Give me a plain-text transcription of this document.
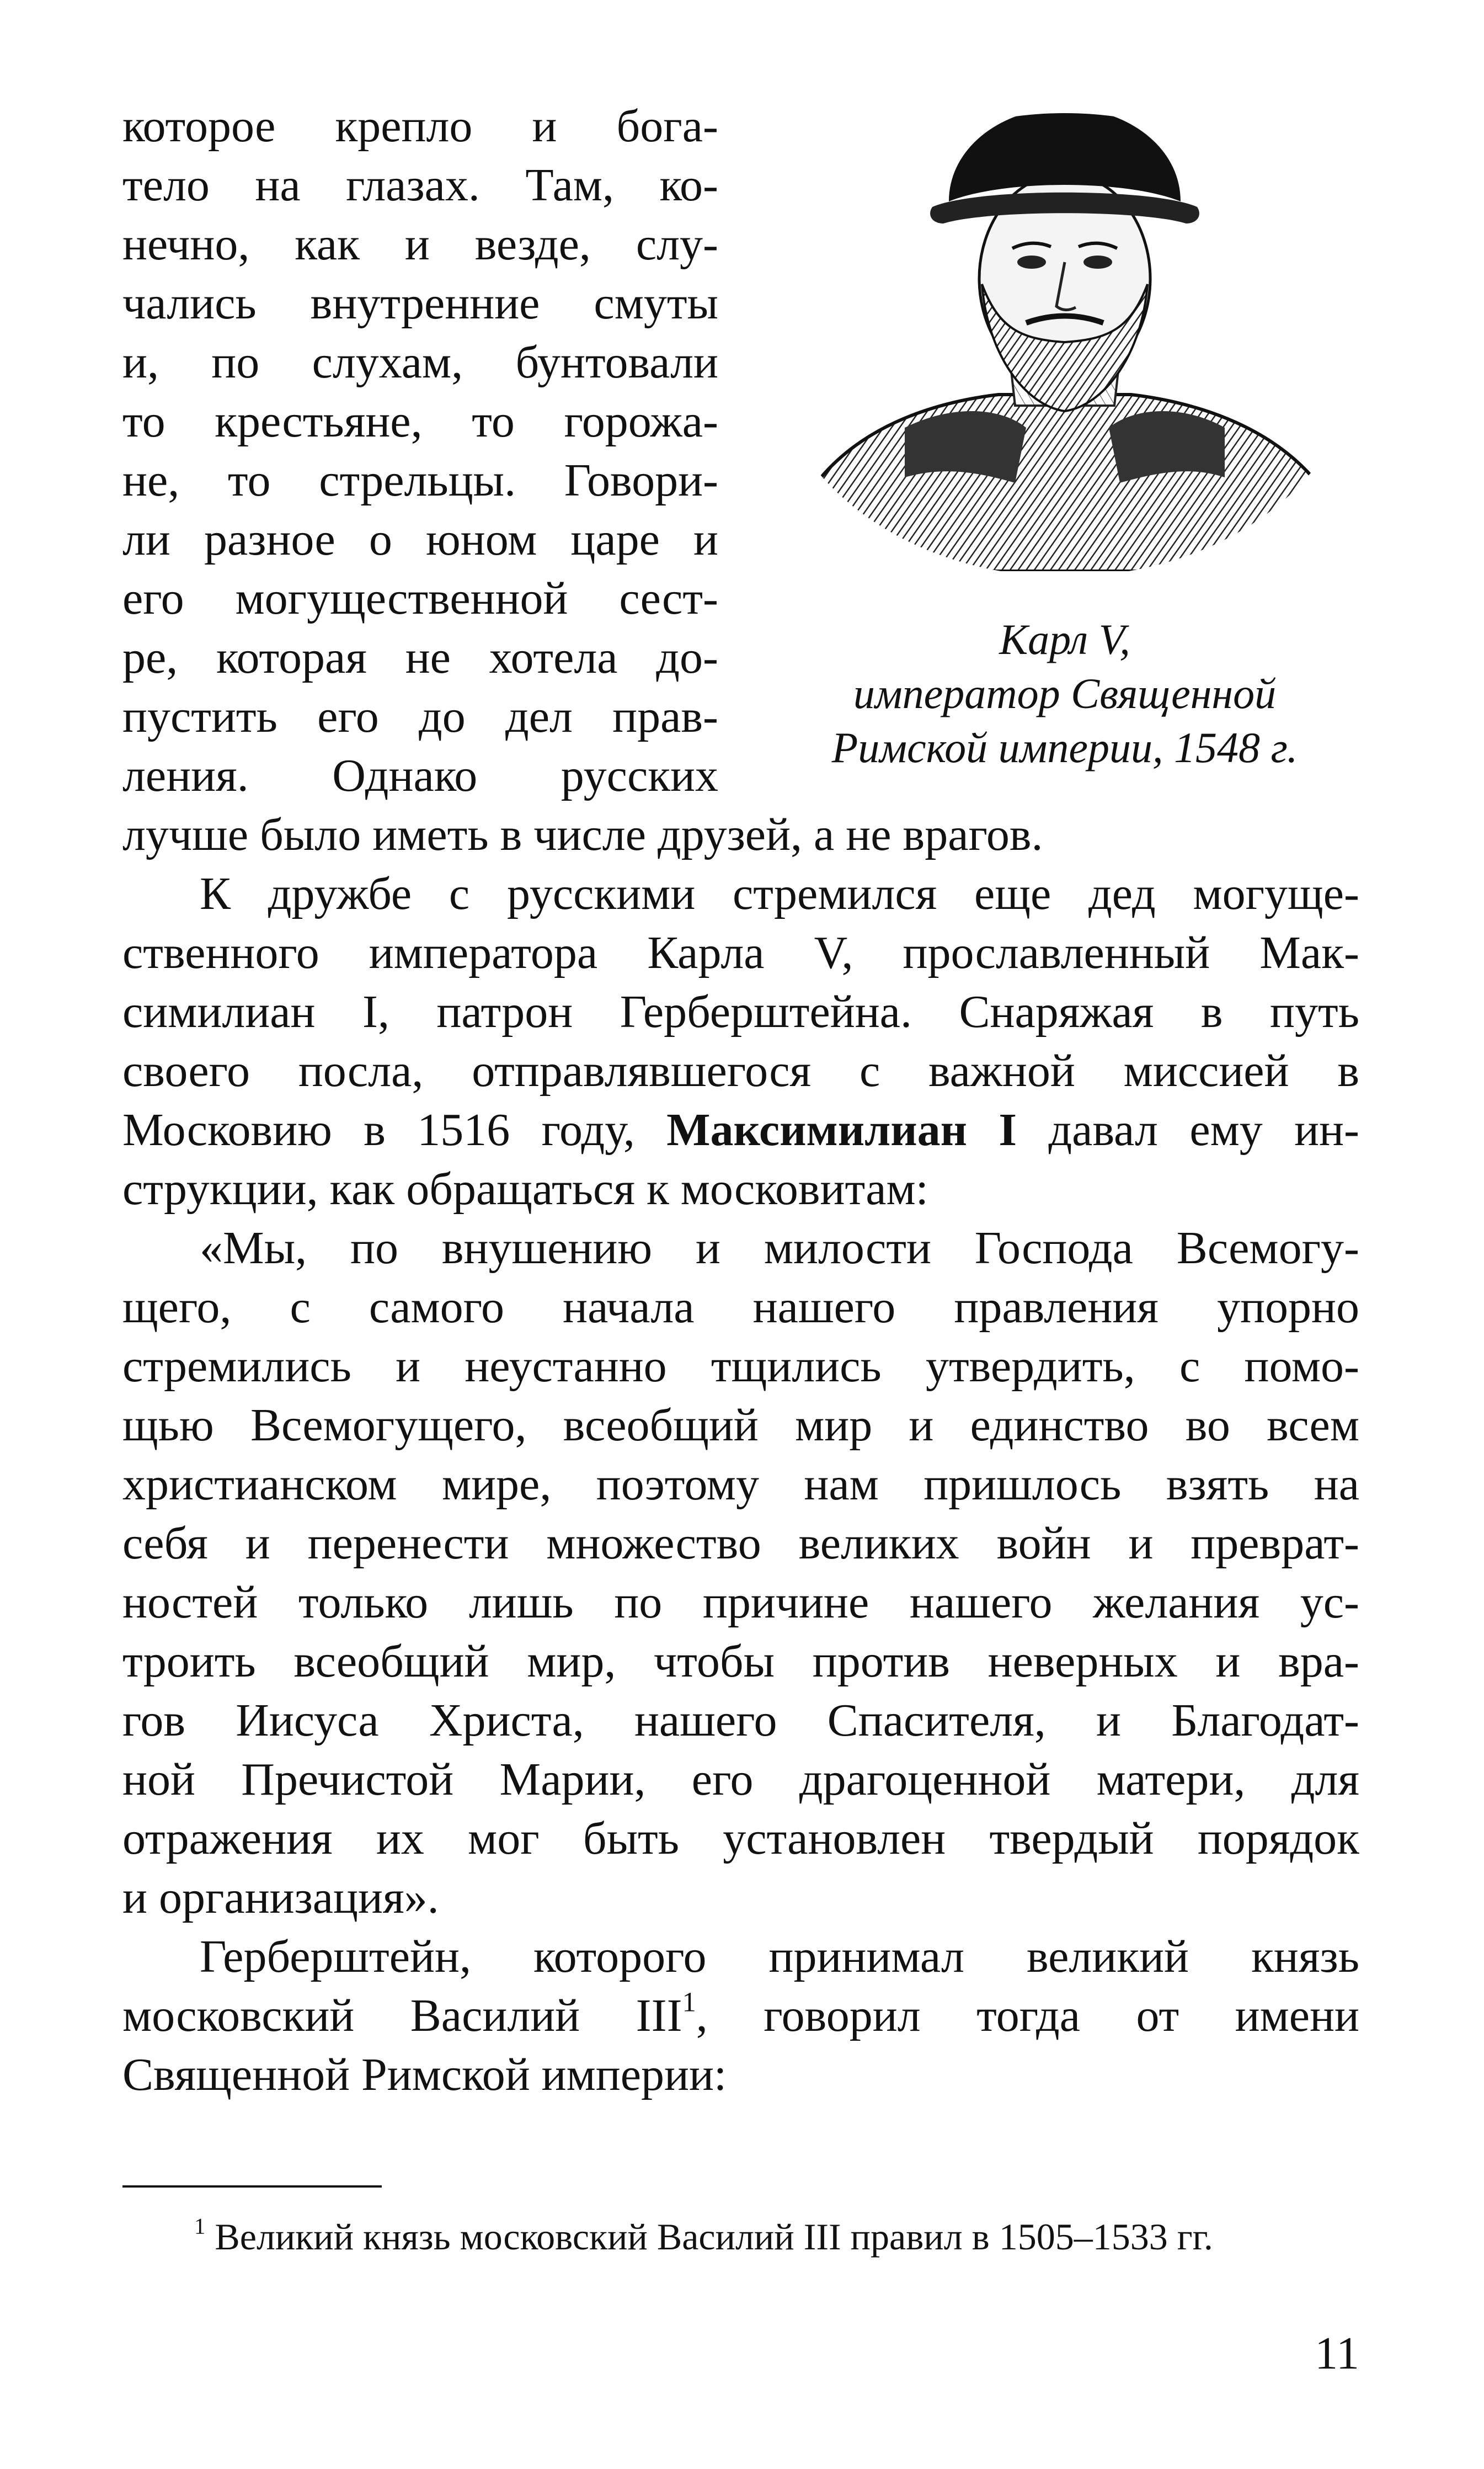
которое крепло и бога-
тело на глазах. Там, ко-
нечно, как и везде, слу-
чались внутренние смуты
и, по слухам, бунтовали
то крестьяне, то горожа-
не, то стрельцы. Говори-
ли разное о юном царе и
его могущественной сест-
ре, которая не хотела до-
пустить его до дел прав-
ления. Однако русских
Карл V,
император Священной
Римской империи, 1548 г.
лучше было иметь в числе друзей, а не врагов.
К дружбе с русскими стремился еще дед могуще-
ственного императора Карла V, прославленный Мак-
симилиан I, патрон Герберштейна. Снаряжая в путь
своего посла, отправлявшегося с важной миссией в
Московию в 1516 году, Максимилиан I давал ему ин-
струкции, как обращаться к московитам:
«Мы, по внушению и милости Господа Всемогу-
щего, с самого начала нашего правления упорно
стремились и неустанно тщились утвердить, с помо-
щью Всемогущего, всеобщий мир и единство во всем
христианском мире, поэтому нам пришлось взять на
себя и перенести множество великих войн и преврат-
ностей только лишь по причине нашего желания ус-
троить всеобщий мир, чтобы против неверных и вра-
гов Иисуса Христа, нашего Спасителя, и Благодат-
ной Пречистой Марии, его драгоценной матери, для
отражения их мог быть установлен твердый порядок
и организация».
Герберштейн, которого принимал великий князь
московский Василий III$^1$, говорил тогда от имени
Священной Римской империи:
$^1$ Великий князь московский Василий III правил в 1505–1533 гг.
11
